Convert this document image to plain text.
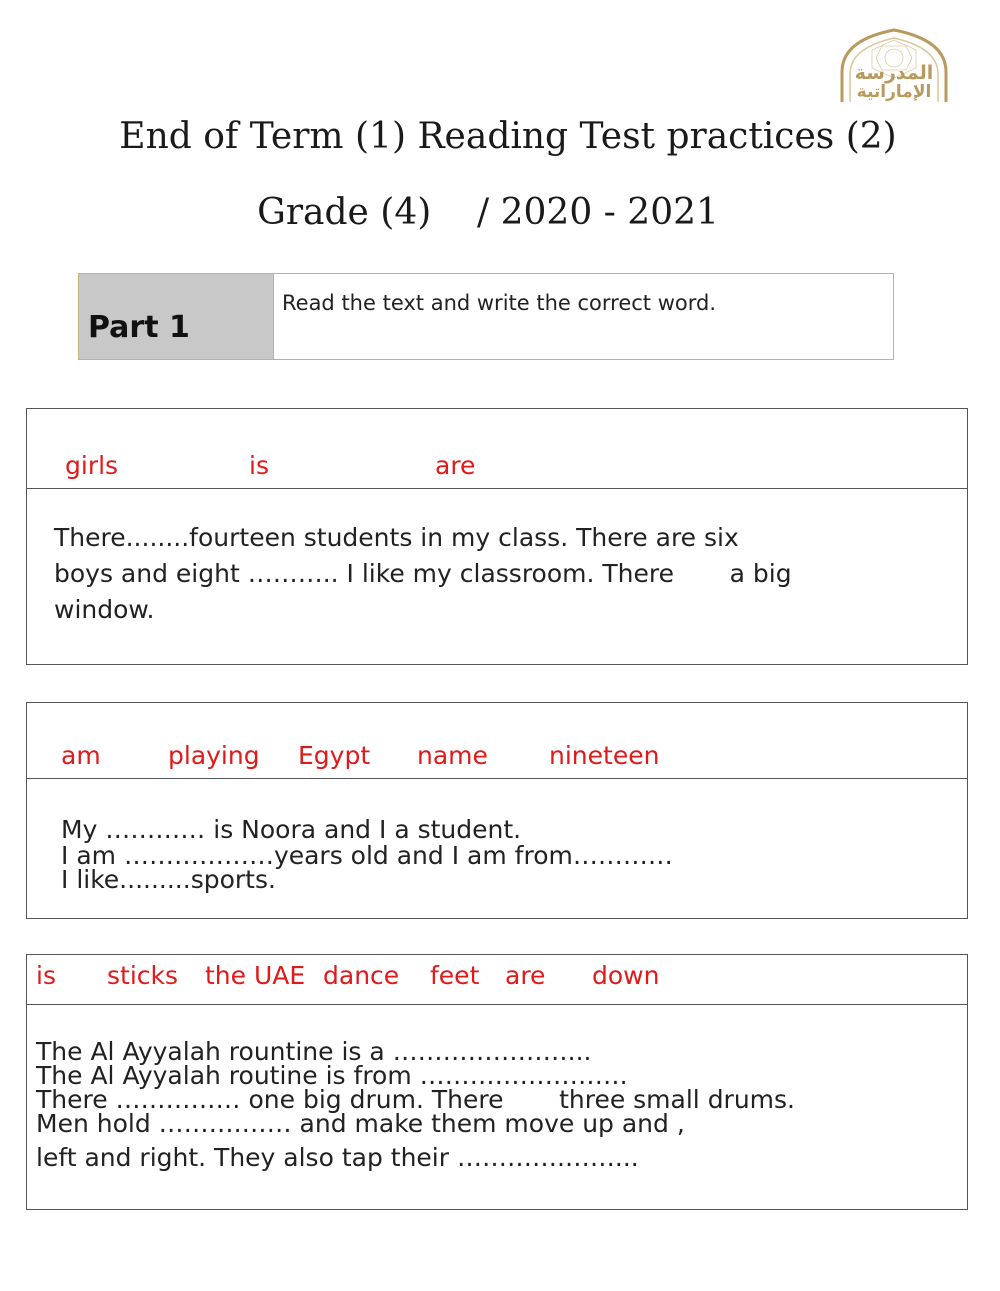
المدرسة
الإماراتية
End of Term (1) Reading Test practices (2)
Grade (4)    / 2020 - 2021
Part 1
Read the text and write the correct word.
girls	is	are
There........fourteen students in my class. There are six
boys and eight ……….. I like my classroom. There       a big
window.
am	playing Egypt name nineteen
My ………… is Noora and I a student.
I am ………………years old and I am from…………
I like.........sports.
is sticks the UAE dance feet are down
The Al Ayyalah rountine is a …………………...
The Al Ayyalah routine is from …………………….
There …………… one big drum. There       three small drums.
Men hold ……….…… and make them move up and ,
left and right. They also tap their ………….……...
